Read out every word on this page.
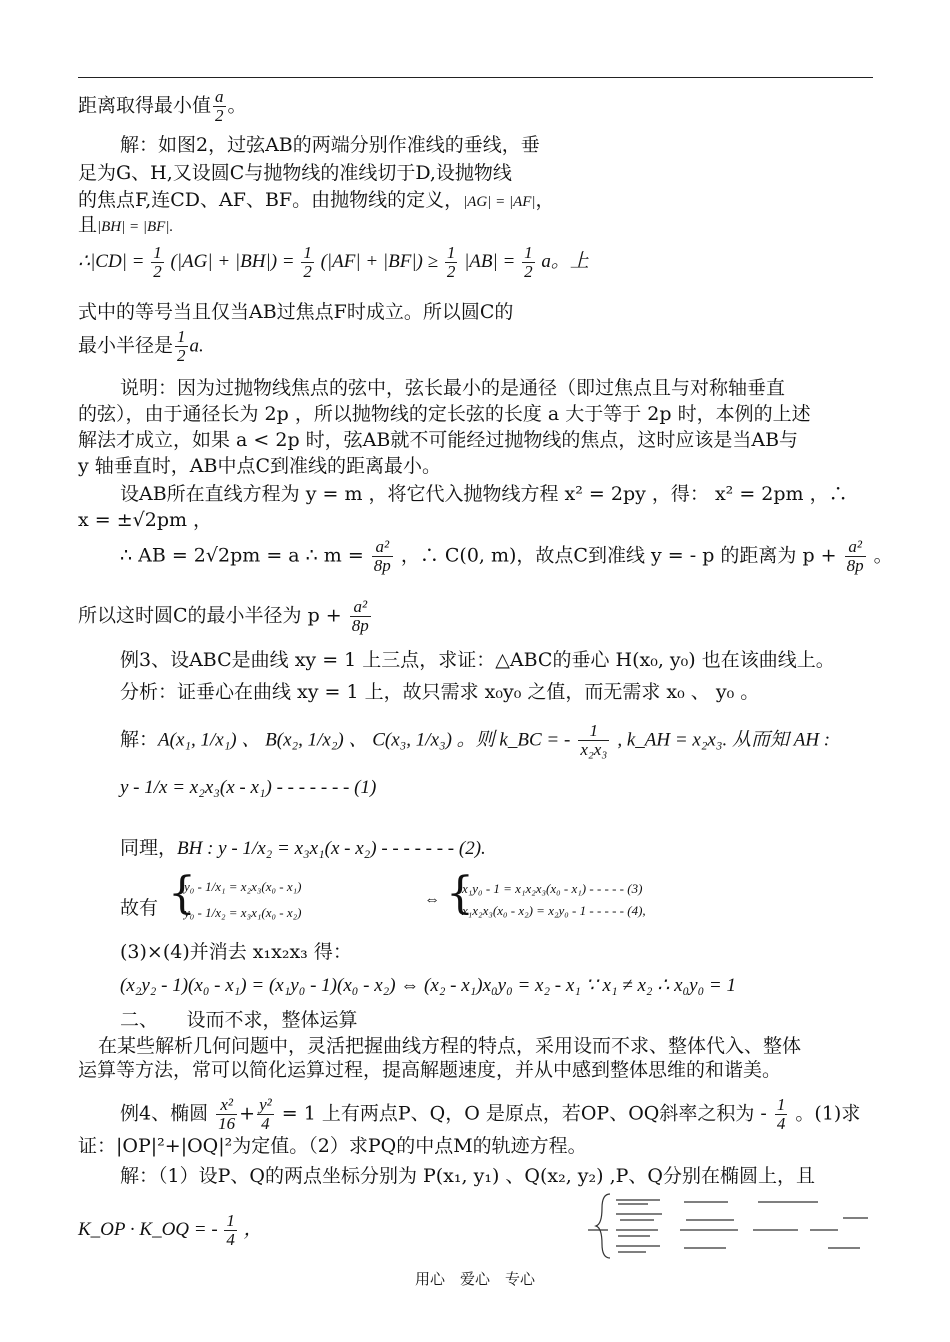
距离取得最小值 $\frac{a}{2}$ 。
解：如图2，过弦AB的两端分别作准线的垂线，垂
足为G、H,又设圆C与抛物线的准线切于D,设抛物线
的焦点F,连CD、AF、BF。由抛物线的定义，|AG| = |AF|，
且|BH| = |BF|.
∴|CD| = $\frac{1}{2} (|AG| + |BH|) = \frac{1}{2} (|AF| + |BF|) \ge \frac{1}{2} |AB| = \frac{1}{2}$ a。上
式中的等号当且仅当AB过焦点F时成立。所以圆C的
最小半径是 $\frac{1}{2} a$.
说明：因为过抛物线焦点的弦中，弦长最小的是通径（即过焦点且与对称轴垂直
的弦），由于通径长为 2p ，所以抛物线的定长弦的长度 a 大于等于 2p 时，本例的上述
解法才成立，如果 a < 2p 时，弦AB就不可能经过抛物线的焦点，这时应该是当AB与
y 轴垂直时，AB中点C到准线的距离最小。
设AB所在直线方程为 y = m ，将它代入抛物线方程 x² = 2py ，得： x² = 2pm ，∴
x = ±√2pm ，
∴ AB = 2√2pm = a ∴ $m = \frac{\text{a²}}{8p}$ ，∴ C(0, m)，故点C到准线 y = - p 的距离为 $p + \frac{\text{a²}}{8p}$ 。
所以这时圆C的最小半径为 $p + \frac{\text{a²}}{8p}$
例3、设ABC是曲线 xy = 1 上三点，求证：△ABC的垂心 H(x₀, y₀) 也在该曲线上。
分析：证垂心在曲线 xy = 1 上，故只需求 x₀y₀ 之值，而无需求 x₀ 、 y₀ 。
解：A(x₁, 1/x₁) 、 B(x₂, 1/x₂) 、 C(x₃, 1/x₃) 。则 k_BC = - $\frac{1}{\text{x₂x₃}}$ , k_AH = x₂x₃. 从而知 AH :
y - 1/x = x₂x₃(x - x₁) - - - - - - - (1)
同理，BH : y - 1/x₂ = x₃x₁(x - x₂) - - - - - - - (2).
故有 {
y₀ - 1/x₁ = x₂x₃(x₀ - x₁)
y₀ - 1/x₂ = x₃x₁(x₀ - x₂)
⇔ {
x₁y₀ - 1 = x₁x₂x₃(x₀ - x₁) - - - - - (3)
x₁x₂x₃(x₀ - x₂) = x₂y₀ - 1 - - - - - (4),
(3)×(4)并消去 x₁x₂x₃ 得：
(x₂y₂ - 1)(x₀ - x₁) = (x₁y₀ - 1)(x₀ - x₂) ⇔ (x₂ - x₁)x₀y₀ = x₂ - x₁ ∵ x₁ ≠ x₂ ∴ x₀y₀ = 1
二、　　设而不求，整体运算
在某些解析几何问题中，灵活把握曲线方程的特点，采用设而不求、整体代入、整体
运算等方法，常可以简化运算过程，提高解题速度，并从中感到整体思维的和谐美。
例4、椭圆 $\frac{\text{x²}}{16} + \frac{\text{y²}}{4} = 1$ 上有两点P、Q，O 是原点，若OP、OQ斜率之积为 - $\frac{1}{4}$ 。(1)求
证：|OP|²+|OQ|²为定值。（2）求PQ的中点M的轨迹方程。
解：（1）设P、Q的两点坐标分别为 P(x₁, y₁) 、Q(x₂, y₂) ,P、Q分别在椭圆上，且
K_OP · K_OQ = - $\frac{1}{4}$ ，
用心　爱心　专心
